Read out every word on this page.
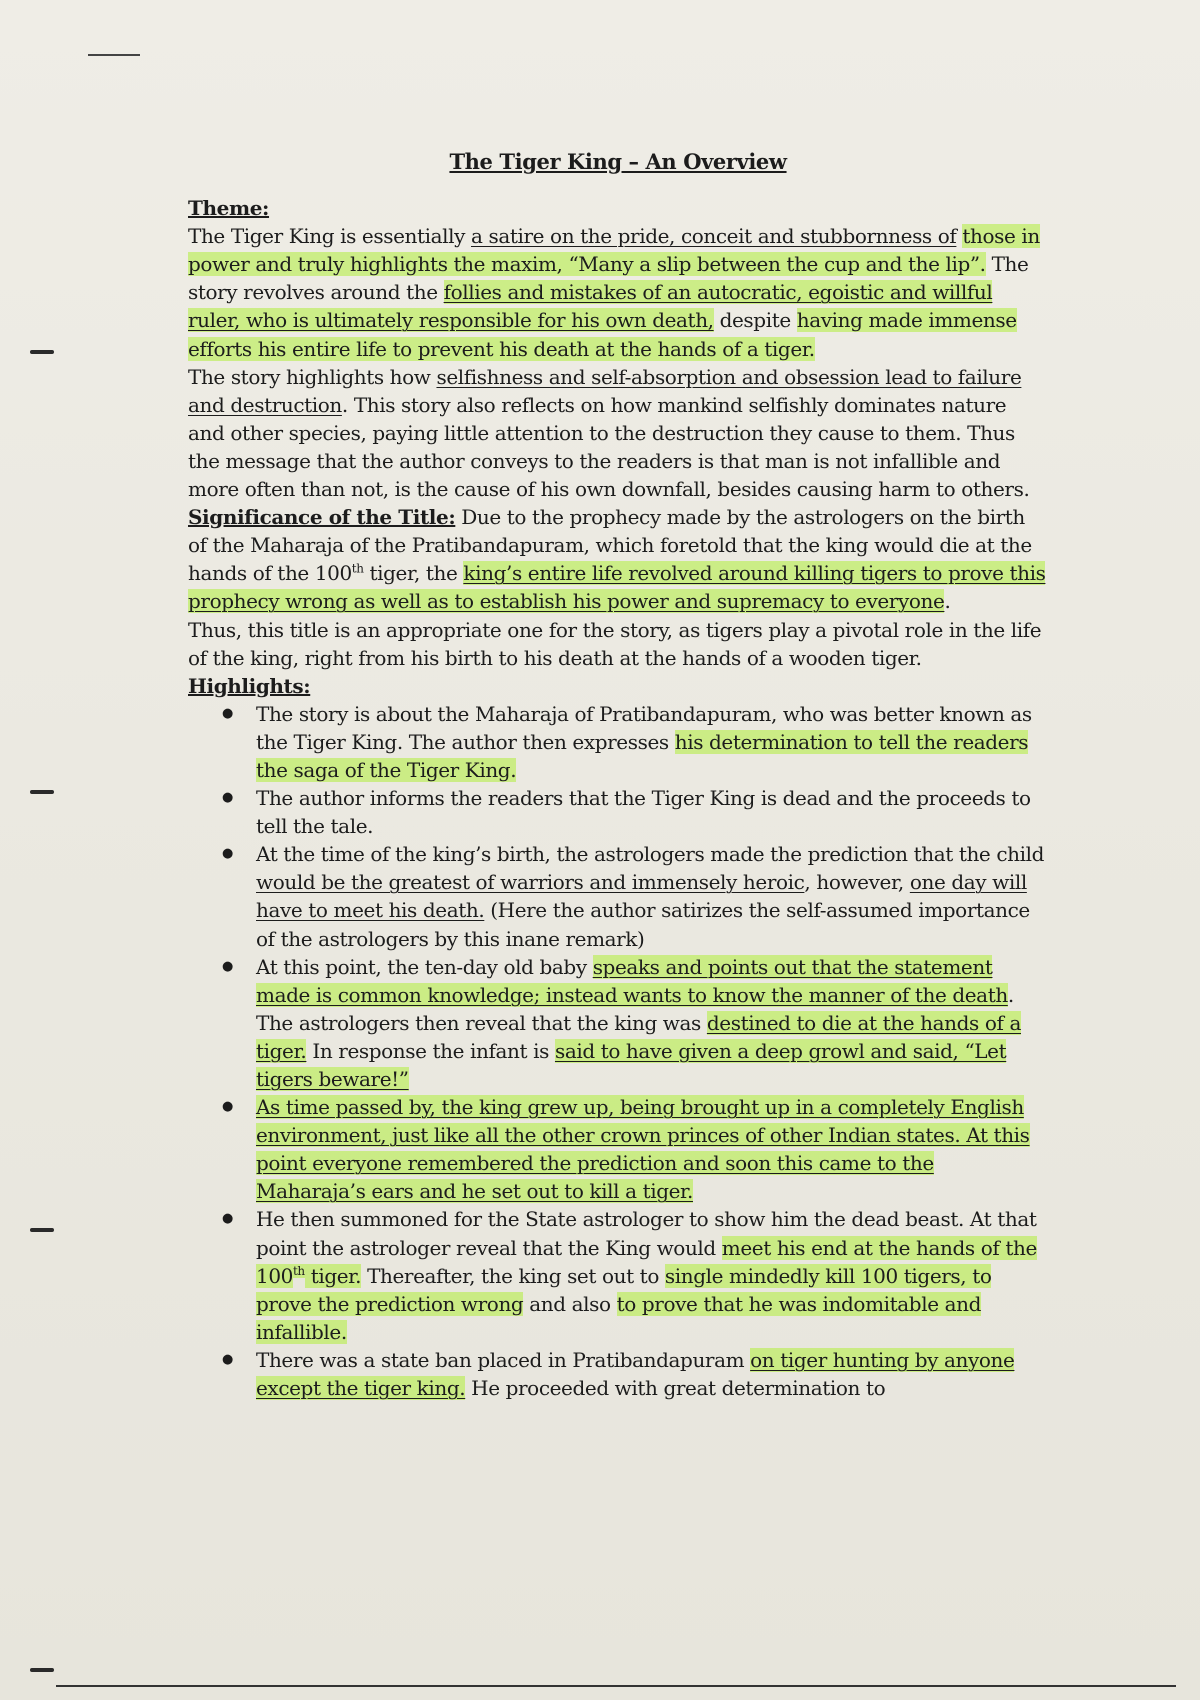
The Tiger King – An Overview
Theme:

The Tiger King is essentially a satire on the pride, conceit and stubbornness of those in power and truly highlights the maxim, “Many a slip between the cup and the lip”. The story revolves around the follies and mistakes of an autocratic, egoistic and willful ruler, who is ultimately responsible for his own death, despite having made immense efforts his entire life to prevent his death at the hands of a tiger.

The story highlights how selfishness and self-absorption and obsession lead to failure and destruction. This story also reflects on how mankind selfishly dominates nature and other species, paying little attention to the destruction they cause to them. Thus the message that the author conveys to the readers is that man is not infallible and more often than not, is the cause of his own downfall, besides causing harm to others.

Significance of the Title: Due to the prophecy made by the astrologers on the birth of the Maharaja of the Pratibandapuram, which foretold that the king would die at the hands of the 100th tiger, the king’s entire life revolved around killing tigers to prove this prophecy wrong as well as to establish his power and supremacy to everyone.

Thus, this title is an appropriate one for the story, as tigers play a pivotal role in the life of the king, right from his birth to his death at the hands of a wooden tiger.

Highlights:
● The story is about the Maharaja of Pratibandapuram, who was better known as the Tiger King. The author then expresses his determination to tell the readers the saga of the Tiger King.
● The author informs the readers that the Tiger King is dead and the proceeds to tell the tale.
● At the time of the king’s birth, the astrologers made the prediction that the child would be the greatest of warriors and immensely heroic, however, one day will have to meet his death. (Here the author satirizes the self-assumed importance of the astrologers by this inane remark)
● At this point, the ten-day old baby speaks and points out that the statement made is common knowledge; instead wants to know the manner of the death. The astrologers then reveal that the king was destined to die at the hands of a tiger. In response the infant is said to have given a deep growl and said, “Let tigers beware!”
● As time passed by, the king grew up, being brought up in a completely English environment, just like all the other crown princes of other Indian states. At this point everyone remembered the prediction and soon this came to the Maharaja’s ears and he set out to kill a tiger.
● He then summoned for the State astrologer to show him the dead beast. At that point the astrologer reveal that the King would meet his end at the hands of the 100th tiger. Thereafter, the king set out to single mindedly kill 100 tigers, to prove the prediction wrong and also to prove that he was indomitable and infallible.
● There was a state ban placed in Pratibandapuram on tiger hunting by anyone except the tiger king. He proceeded with great determination to
